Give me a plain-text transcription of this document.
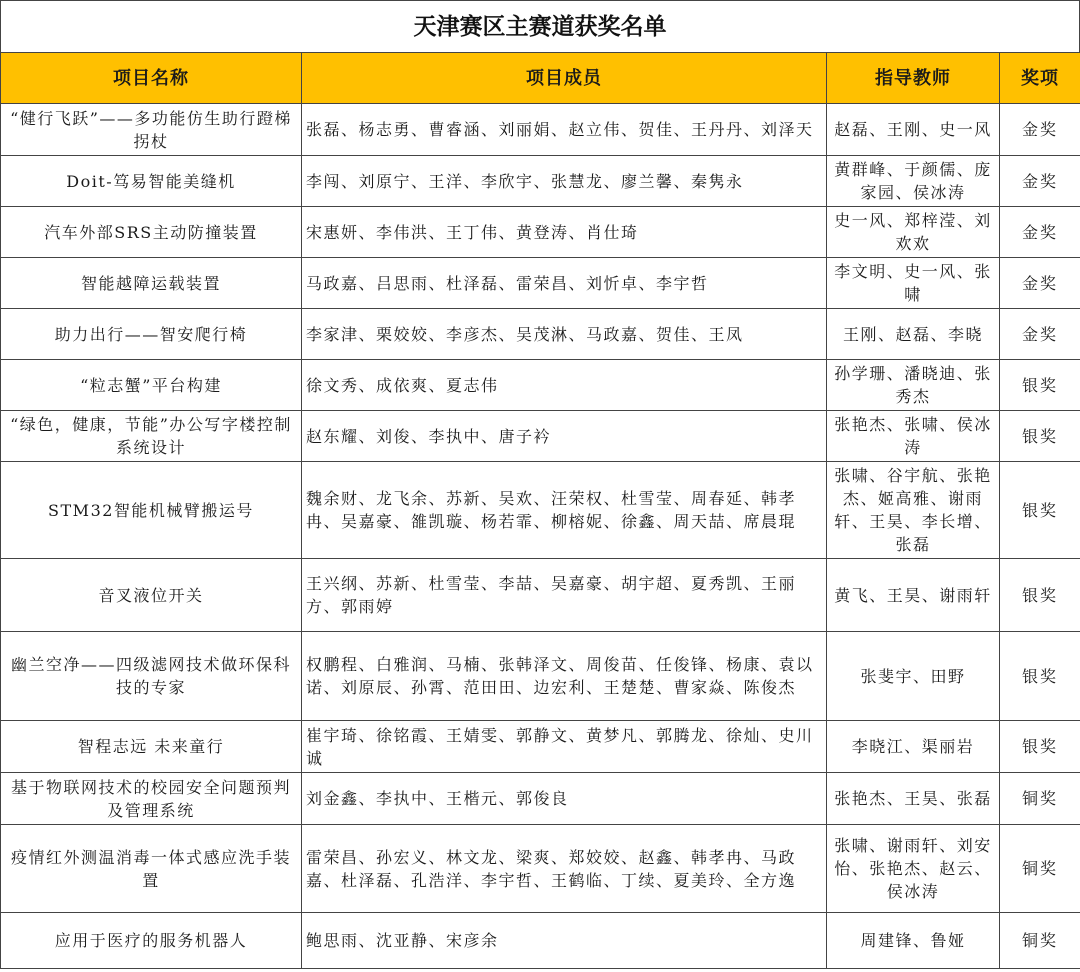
天津赛区主赛道获奖名单
项目名称	项目成员	指导教师	奖项
“健行飞跃”——多功能仿生助行蹬梯拐杖	张磊、杨志勇、曹睿涵、刘丽娟、赵立伟、贺佳、王丹丹、刘泽天	赵磊、王刚、史一风	金奖
Doit-笃易智能美缝机	李闯、刘原宁、王洋、李欣宇、张慧龙、廖兰馨、秦隽永	黄群峰、于颜儒、庞家园、侯冰涛	金奖
汽车外部SRS主动防撞装置	宋惠妍、李伟洪、王丁伟、黄登涛、肖仕琦	史一风、郑梓滢、刘欢欢	金奖
智能越障运载装置	马政嘉、吕思雨、杜泽磊、雷荣昌、刘忻卓、李宇哲	李文明、史一风、张啸	金奖
助力出行——智安爬行椅	李家津、栗姣姣、李彦杰、吴茂淋、马政嘉、贺佳、王凤	王刚、赵磊、李晓	金奖
“粒志蟹”平台构建	徐文秀、成依爽、夏志伟	孙学珊、潘晓迪、张秀杰	银奖
“绿色，健康，节能”办公写字楼控制系统设计	赵东耀、刘俊、李执中、唐子衿	张艳杰、张啸、侯冰涛	银奖
STM32智能机械臂搬运号	魏余财、龙飞余、苏新、吴欢、汪荣权、杜雪莹、周春延、韩孝冉、吴嘉豪、雒凯璇、杨若霏、柳榕妮、徐鑫、周天喆、席晨琨	张啸、谷宇航、张艳杰、姬高雅、谢雨轩、王昊、李长增、张磊	银奖
音叉液位开关	王兴纲、苏新、杜雪莹、李喆、吴嘉豪、胡宇超、夏秀凯、王丽方、郭雨婷	黄飞、王昊、谢雨轩	银奖
幽兰空净——四级滤网技术做环保科技的专家	权鹏程、白雅润、马楠、张韩泽文、周俊苗、任俊锋、杨康、袁以诺、刘原辰、孙霄、范田田、边宏利、王楚楚、曹家焱、陈俊杰	张斐宇、田野	银奖
智程志远 未来童行	崔宇琦、徐铭霞、王婧雯、郭静文、黄梦凡、郭腾龙、徐灿、史川诚	李晓江、渠丽岩	银奖
基于物联网技术的校园安全问题预判及管理系统	刘金鑫、李执中、王楷元、郭俊良	张艳杰、王昊、张磊	铜奖
疫情红外测温消毒一体式感应洗手装置	雷荣昌、孙宏义、林文龙、梁爽、郑姣姣、赵鑫、韩孝冉、马政嘉、杜泽磊、孔浩洋、李宇哲、王鹤临、丁续、夏美玲、全方逸	张啸、谢雨轩、刘安怡、张艳杰、赵云、侯冰涛	铜奖
应用于医疗的服务机器人	鲍思雨、沈亚静、宋彦余	周建锋、鲁娅	铜奖
